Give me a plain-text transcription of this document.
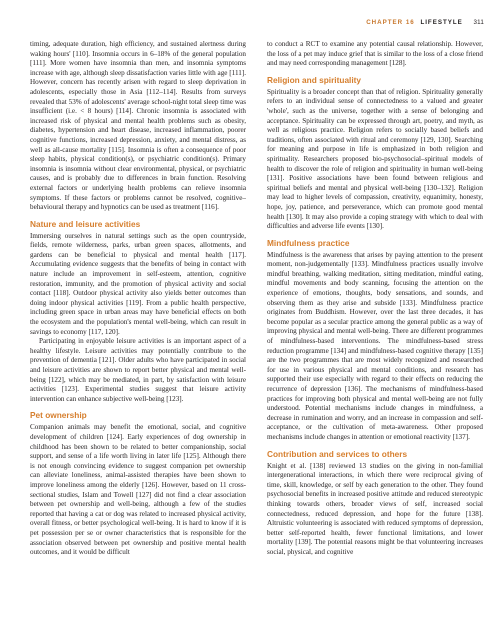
CHAPTER 16 LIFESTYLE 311

timing, adequate duration, high efficiency, and sustained alertness during waking hours' [110]. Insomnia occurs in 6–18% of the general population [111]. More women have insomnia than men, and insomnia symptoms increase with age, although sleep dissatisfaction varies little with age [111]. However, concern has recently arisen with regard to sleep deprivation in adolescents, especially those in Asia [112–114]. Results from surveys revealed that 53% of adolescents' average school-night total sleep time was insufficient (i.e. < 8 hours) [114]. Chronic insomnia is associated with increased risk of physical and mental health problems such as obesity, diabetes, hypertension and heart disease, increased inflammation, poorer cognitive functions, increased depression, anxiety, and mental distress, as well as all-cause mortality [115]. Insomnia is often a consequence of poor sleep habits, physical condition(s), or psychiatric condition(s). Primary insomnia is insomnia without clear environmental, physical, or psychiatric causes, and is probably due to differences in brain function. Resolving external factors or underlying health problems can relieve insomnia symptoms. If these factors or problems cannot be resolved, cognitive–behavioural therapy and hypnotics can be used as treatment [116].

Nature and leisure activities

Immersing ourselves in natural settings such as the open countryside, fields, remote wilderness, parks, urban green spaces, allotments, and gardens can be beneficial to physical and mental health [117]. Accumulating evidence suggests that the benefits of being in contact with nature include an improvement in self-esteem, attention, cognitive restoration, immunity, and the promotion of physical activity and social contact [118]. Outdoor physical activity also yields better outcomes than doing indoor physical activities [119]. From a public health perspective, including green space in urban areas may have beneficial effects on both the ecosystem and the population's mental well-being, which can result in savings to economy [117, 120].

Participating in enjoyable leisure activities is an important aspect of a healthy lifestyle. Leisure activities may potentially contribute to the prevention of dementia [121]. Older adults who have participated in social and leisure activities are shown to report better physical and mental well-being [122], which may be mediated, in part, by satisfaction with leisure activities [123]. Experimental studies suggest that leisure activity intervention can enhance subjective well-being [123].

Pet ownership

Companion animals may benefit the emotional, social, and cognitive development of children [124]. Early experiences of dog ownership in childhood has been shown to be related to better companionship, social support, and sense of a life worth living in later life [125]. Although there is not enough convincing evidence to suggest companion pet ownership can alleviate loneliness, animal-assisted therapies have been shown to improve loneliness among the elderly [126]. However, based on 11 cross-sectional studies, Islam and Towell [127] did not find a clear association between pet ownership and well-being, although a few of the studies reported that having a cat or dog was related to increased physical activity, overall fitness, or better psychological well-being. It is hard to know if it is pet possession per se or owner characteristics that is responsible for the association observed between pet ownership and positive mental health outcomes, and it would be difficult

to conduct a RCT to examine any potential causal relationship. However, the loss of a pet may induce grief that is similar to the loss of a close friend and may need corresponding management [128].

Religion and spirituality

Spirituality is a broader concept than that of religion. Spirituality generally refers to an individual sense of connectedness to a valued and greater 'whole', such as the universe, together with a sense of belonging and acceptance. Spirituality can be expressed through art, poetry, and myth, as well as religious practice. Religion refers to socially based beliefs and traditions, often associated with ritual and ceremony [129, 130]. Searching for meaning and purpose in life is emphasized in both religion and spirituality. Researchers proposed bio-psychosocial–spiritual models of health to discover the role of religion and spirituality in human well-being [131]. Positive associations have been found between religious and spiritual beliefs and mental and physical well-being [130–132]. Religion may lead to higher levels of compassion, creativity, equanimity, honesty, hope, joy, patience, and perseverance, which can promote good mental health [130]. It may also provide a coping strategy with which to deal with difficulties and adverse life events [130].

Mindfulness practice

Mindfulness is the awareness that arises by paying attention to the present moment, non-judgementally [133]. Mindfulness practices usually involve mindful breathing, walking meditation, sitting meditation, mindful eating, mindful movements and body scanning, focusing the attention on the experience of emotions, thoughts, body sensations, and sounds, and observing them as they arise and subside [133]. Mindfulness practice originates from Buddhism. However, over the last three decades, it has become popular as a secular practice among the general public as a way of improving physical and mental well-being. There are different programmes of mindfulness-based interventions. The mindfulness-based stress reduction programme [134] and mindfulness-based cognitive therapy [135] are the two programmes that are most widely recognized and researched for use in various physical and mental conditions, and research has supported their use especially with regard to their effects on reducing the recurrence of depression [136]. The mechanisms of mindfulness-based practices for improving both physical and mental well-being are not fully understood. Potential mechanisms include changes in mindfulness, a decrease in rumination and worry, and an increase in compassion and self-acceptance, or the cultivation of meta-awareness. Other proposed mechanisms include changes in attention or emotional reactivity [137].

Contribution and services to others

Knight et al. [138] reviewed 13 studies on the giving in non-familial intergenerational interactions, in which there were reciprocal giving of time, skill, knowledge, or self by each generation to the other. They found psychosocial benefits in increased positive attitude and reduced stereotypic thinking towards others, broader views of self, increased social connectedness, reduced depression, and hope for the future [138]. Altruistic volunteering is associated with reduced symptoms of depression, better self-reported health, fewer functional limitations, and lower mortality [139]. The potential reasons might be that volunteering increases social, physical, and cognitive
